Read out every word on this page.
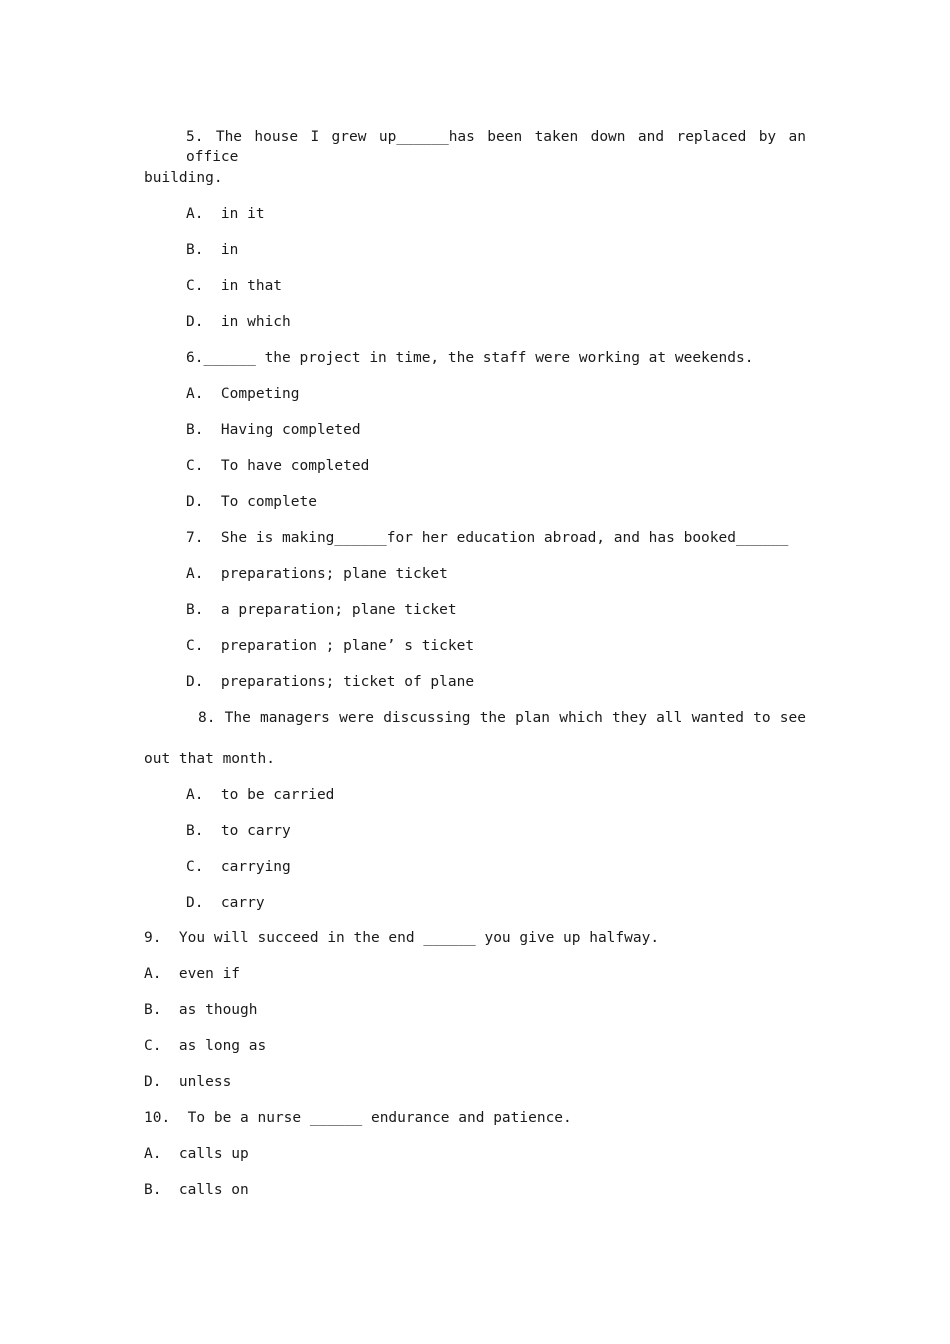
5. The house I grew up______has been taken down and replaced by an office

building.

A.  in it

B.  in

C.  in that

D.  in which

6.______ the project in time, the staff were working at weekends.

A.  Competing

B.  Having completed

C.  To have completed

D.  To complete

7.  She is making______for her education abroad, and has booked______

A.  preparations; plane ticket

B.  a preparation; plane ticket

C.  preparation ; plane’ s ticket

D.  preparations; ticket of plane

8. The managers were discussing the plan which they all wanted to see

out that month.

A.  to be carried

B.  to carry

C.  carrying

D.  carry

9.  You will succeed in the end ______ you give up halfway.

A.  even if

B.  as though

C.  as long as

D.  unless

10.  To be a nurse ______ endurance and patience.

A.  calls up

B.  calls on
